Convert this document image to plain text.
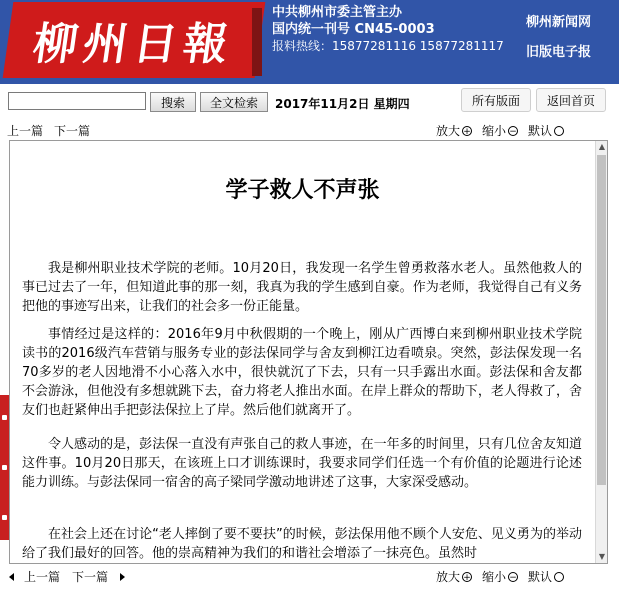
柳州日報
中共柳州市委主管主办
国内统一刊号 CN45-0003
报料热线：15877281116 15877281117
柳州新闻网
旧版电子报
搜索	全文检索	2017年11月2日 星期四	所有版面	返回首页
上一篇 下一篇	放大 + 缩小 − 默认
学子救人不声张

我是柳州职业技术学院的老师。10月20日，我发现一名学生曾勇救落水老人。虽然他救人的事已过去了一年，但知道此事的那一刻，我真为我的学生感到自豪。作为老师，我觉得自己有义务把他的事迹写出来，让我们的社会多一份正能量。

事情经过是这样的：2016年9月中秋假期的一个晚上，刚从广西博白来到柳州职业技术学院读书的2016级汽车营销与服务专业的彭法保同学与舍友到柳江边看喷泉。突然，彭法保发现一名70多岁的老人因地滑不小心落入水中，很快就沉了下去，只有一只手露出水面。彭法保和舍友都不会游泳，但他没有多想就跳下去，奋力将老人推出水面。在岸上群众的帮助下，老人得救了，舍友们也赶紧伸出手把彭法保拉上了岸。然后他们就离开了。

令人感动的是，彭法保一直没有声张自己的救人事迹，在一年多的时间里，只有几位舍友知道这件事。10月20日那天，在该班上口才训练课时，我要求同学们任选一个有价值的论题进行论述能力训练。与彭法保同一宿舍的高子梁同学激动地讲述了这事，大家深受感动。

在社会上还在讨论“老人摔倒了要不要扶”的时候，彭法保用他不顾个人安危、见义勇为的举动给了我们最好的回答。他的崇高精神为我们的和谐社会增添了一抹亮色。虽然时

▲
▼
上一篇 下一篇	放大 + 缩小 − 默认
